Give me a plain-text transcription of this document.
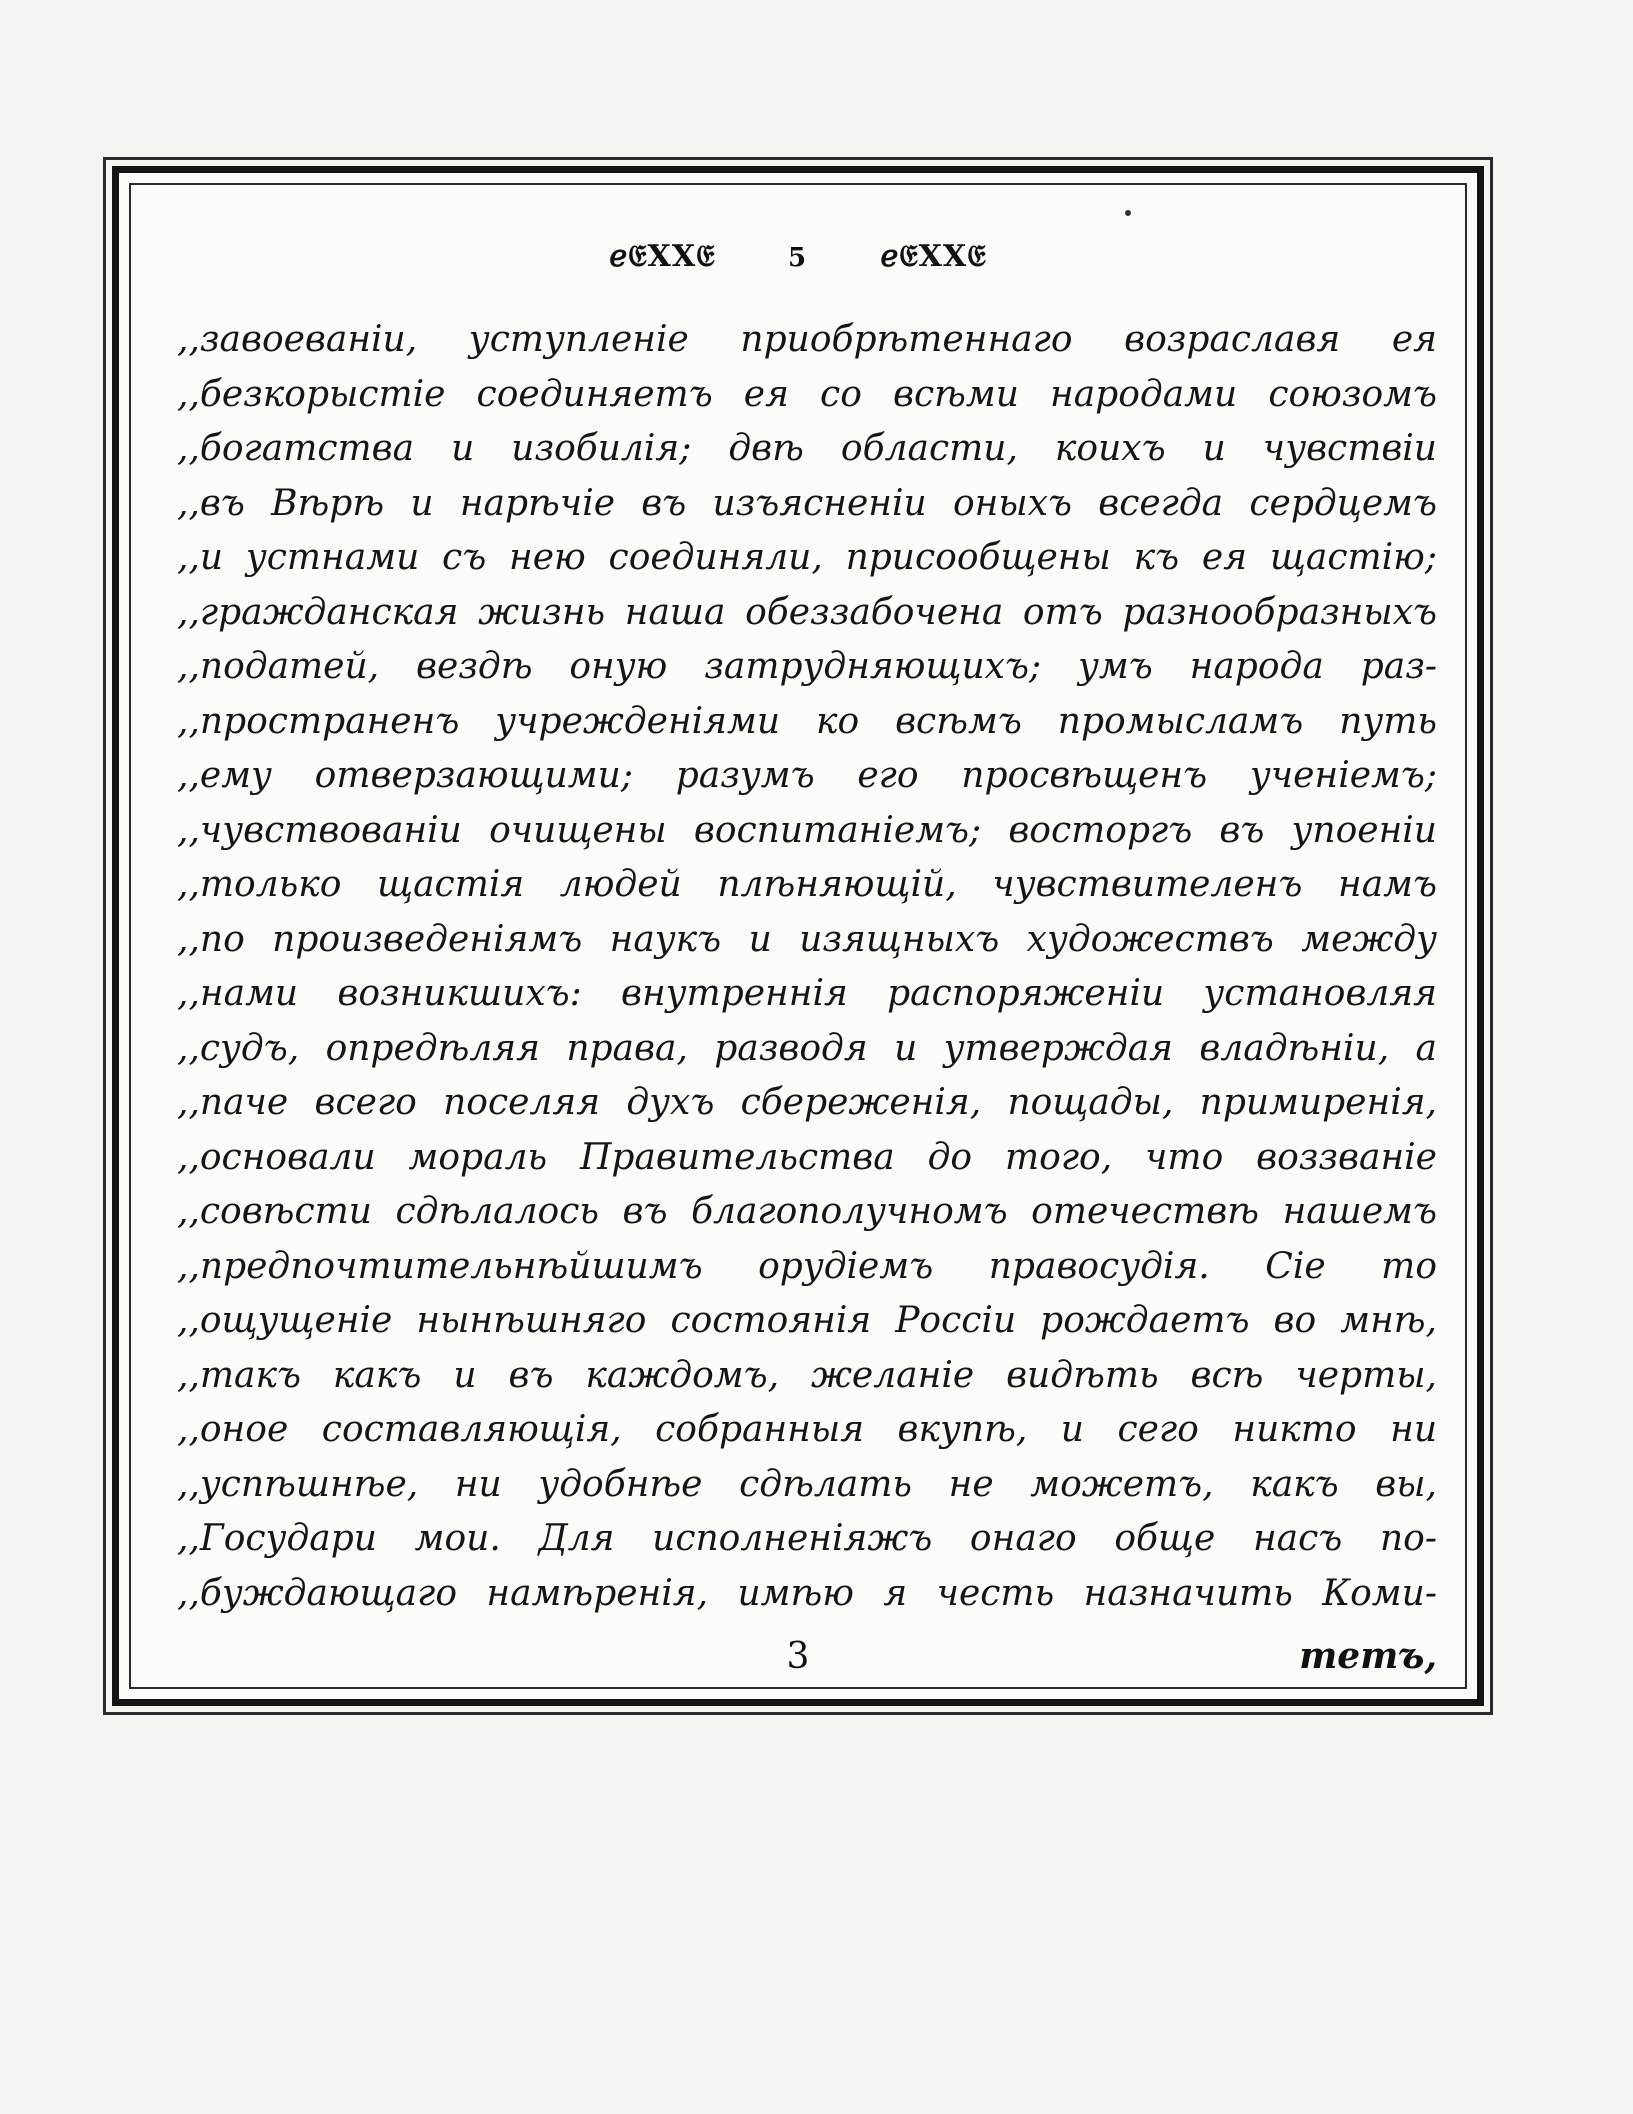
ℯ𝔈XX𝔈	5 ℯ𝔈XX𝔈
,,завоеванiи, уступленiе приобрѣтеннаго возраславя ея
,,безкорыстiе соединяетъ ея со всѣми народами союзомъ
,,богатства и изобилiя; двѣ области, коихъ и чувствiи
,,въ Вѣрѣ и нарѣчiе въ изъясненiи оныхъ всегда сердцемъ
,,и устнами съ нею соединяли, присообщены къ ея щастiю;
,,гражданская жизнь наша обеззабочена отъ разнообразныхъ
,,податей, вездѣ оную затрудняющихъ; умъ народа раз-
,,пространенъ учрежденiями ко всѣмъ промысламъ путь
,,ему отверзающими; разумъ его просвѣщенъ ученiемъ;
,,чувствованiи очищены воспитанiемъ; восторгъ въ упоенiи
,,только щастiя людей плѣняющiй, чувствителенъ намъ
,,по произведенiямъ наукъ и изящныхъ художествъ между
,,нами возникшихъ: внутреннiя распоряженiи установляя
,,судъ, опредѣляя права, разводя и утверждая владѣнiи, а
,,паче всего поселяя духъ сбереженiя, пощады, примиренiя,
,,основали мораль Правительства до того, что воззванiе
,,совѣсти сдѣлалось въ благополучномъ отечествѣ нашемъ
,,предпочтительнѣйшимъ орудiемъ правосудiя. Сiе то
,,ощущенiе нынѣшняго состоянiя Россiи рождаетъ во мнѣ,
,,такъ какъ и въ каждомъ, желанiе видѣть всѣ черты,
,,оное составляющiя, собранныя вкупѣ, и сего никто ни
,,успѣшнѣе, ни удобнѣе сдѣлать не можетъ, какъ вы,
,,Государи мои. Для исполненiяжъ онаго обще насъ по-
,,буждающаго намѣренiя, имѣю я честь назначить Коми-
3	тетъ,
